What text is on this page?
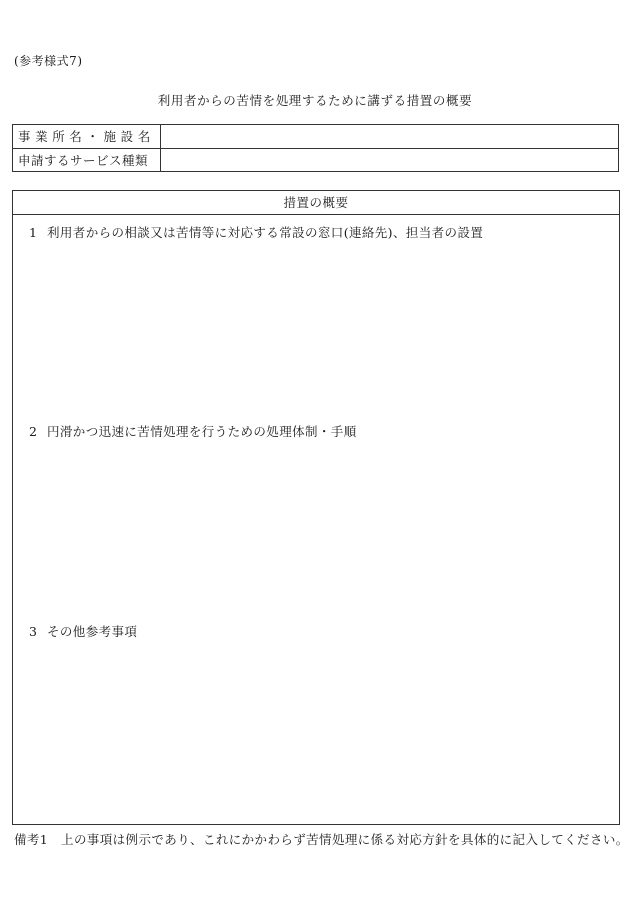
(参考様式7)
利用者からの苦情を処理するために講ずる措置の概要
事業所名・施設名	
申請するサービス種類	
措置の概要
1 利用者からの相談又は苦情等に対応する常設の窓口(連絡先)、担当者の設置
2 円滑かつ迅速に苦情処理を行うための処理体制・手順
3 その他参考事項
備考1　上の事項は例示であり、これにかかわらず苦情処理に係る対応方針を具体的に記入してください。
